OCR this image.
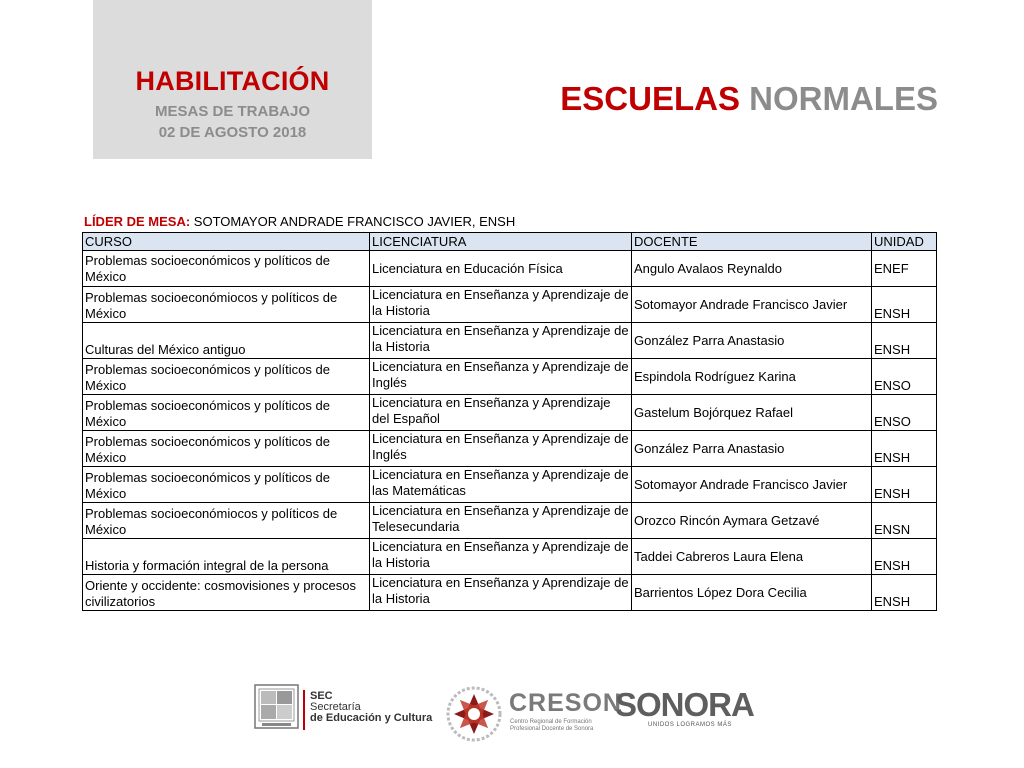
HABILITACIÓN
MESAS DE TRABAJO
02 DE AGOSTO 2018
ESCUELAS NORMALES
LÍDER DE MESA: SOTOMAYOR ANDRADE FRANCISCO JAVIER, ENSH
CURSO	LICENCIATURA	DOCENTE	UNIDAD
Problemas socioeconómicos y políticos de México	Licenciatura en Educación Física	Angulo Avalaos Reynaldo	ENEF
Problemas socioeconómiocos y políticos de México	Licenciatura en Enseñanza y Aprendizaje de la Historia	Sotomayor Andrade Francisco Javier	ENSH
Culturas del México antiguo	Licenciatura en Enseñanza y Aprendizaje de la Historia	González Parra Anastasio	ENSH
Problemas socioeconómicos y políticos de México	Licenciatura en Enseñanza y Aprendizaje de Inglés	Espindola Rodríguez Karina	ENSO
Problemas socioeconómicos y políticos de México	Licenciatura en Enseñanza y Aprendizaje del Español	Gastelum Bojórquez Rafael	ENSO
Problemas socioeconómicos y políticos de México	Licenciatura en Enseñanza y Aprendizaje de Inglés	González Parra Anastasio	ENSH
Problemas socioeconómicos y políticos de México	Licenciatura en Enseñanza y Aprendizaje de las Matemáticas	Sotomayor Andrade Francisco Javier	ENSH
Problemas socioeconómiocos y políticos de México	Licenciatura en Enseñanza y Aprendizaje de Telesecundaria	Orozco Rincón Aymara Getzavé	ENSN
Historia y formación integral de la persona	Licenciatura en Enseñanza y Aprendizaje de la Historia	Taddei Cabreros Laura Elena	ENSH
Oriente y occidente: cosmovisiones y procesos civilizatorios	Licenciatura en Enseñanza y Aprendizaje de la Historia	Barrientos López Dora Cecilia	ENSH
SEC
Secretaría
de Educación y Cultura
CRESON
Centro Regional de Formación
Profesional Docente de Sonora
SONORA
UNIDOS LOGRAMOS MÁS
